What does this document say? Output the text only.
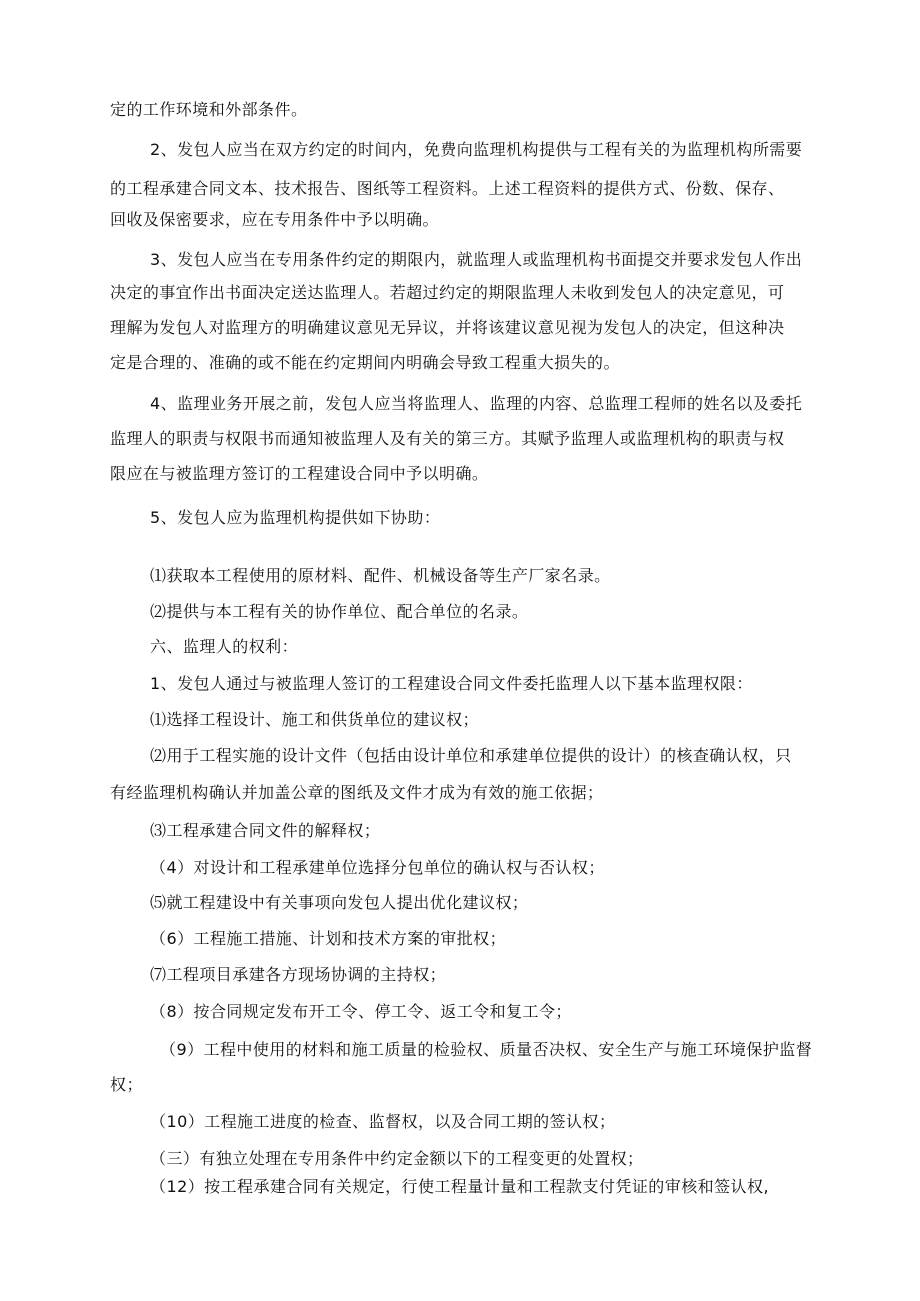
定的工作环境和外部条件。
2、发包人应当在双方约定的时间内，免费向监理机构提供与工程有关的为监理机构所需要
的工程承建合同文本、技术报告、图纸等工程资料。上述工程资料的提供方式、份数、保存、
回收及保密要求，应在专用条件中予以明确。
3、发包人应当在专用条件约定的期限内，就监理人或监理机构书面提交并要求发包人作出
决定的事宜作出书面决定送达监理人。若超过约定的期限监理人未收到发包人的决定意见，可
理解为发包人对监理方的明确建议意见无异议，并将该建议意见视为发包人的决定，但这种决
定是合理的、准确的或不能在约定期间内明确会导致工程重大损失的。
4、监理业务开展之前，发包人应当将监理人、监理的内容、总监理工程师的姓名以及委托
监理人的职责与权限书而通知被监理人及有关的第三方。其赋予监理人或监理机构的职责与权
限应在与被监理方签订的工程建设合同中予以明确。
5、发包人应为监理机构提供如下协助：
⑴获取本工程使用的原材料、配件、机械设备等生产厂家名录。
⑵提供与本工程有关的协作单位、配合单位的名录。
六、监理人的权利：
1、发包人通过与被监理人签订的工程建设合同文件委托监理人以下基本监理权限：
⑴选择工程设计、施工和供货单位的建议权；
⑵用于工程实施的设计文件（包括由设计单位和承建单位提供的设计）的核查确认权，只
有经监理机构确认并加盖公章的图纸及文件才成为有效的施工依据；
⑶工程承建合同文件的解释权；
（4）对设计和工程承建单位选择分包单位的确认权与否认权；
⑸就工程建设中有关事项向发包人提出优化建议权；
（6）工程施工措施、计划和技术方案的审批权；
⑺工程项目承建各方现场协调的主持权；
（8）按合同规定发布开工令、停工令、返工令和复工令；
（9）工程中使用的材料和施工质量的检验权、质量否决权、安全生产与施工环境保护监督
权；
（10）工程施工进度的检查、监督权，以及合同工期的签认权；
（三）有独立处理在专用条件中约定金额以下的工程变更的处置权；
（12）按工程承建合同有关规定，行使工程量计量和工程款支付凭证的审核和签认权,
